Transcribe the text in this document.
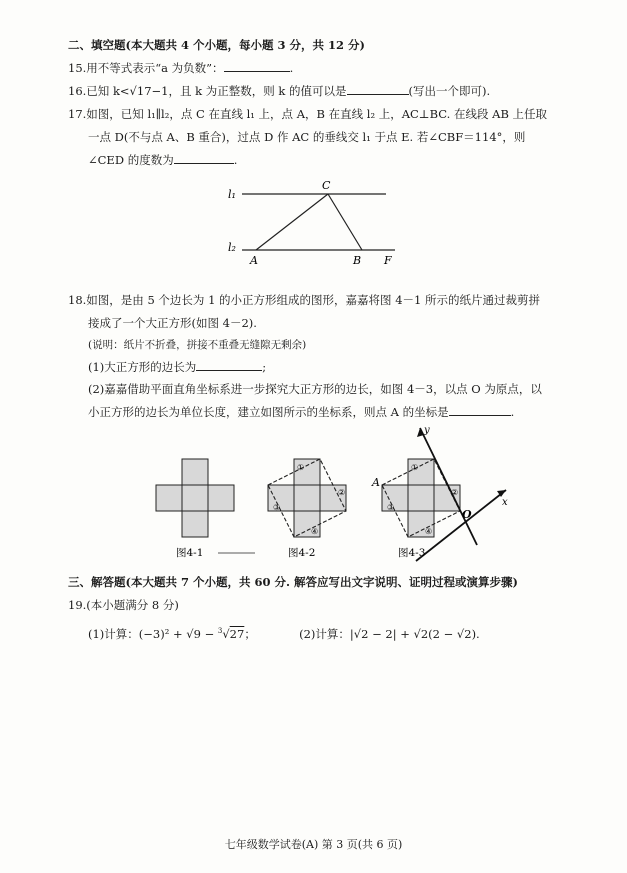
二、填空题(本大题共 4 个小题，每小题 3 分，共 12 分)
15.用不等式表示“a 为负数”：	.
16.已知 k<√17−1，且 k 为正整数，则 k 的值可以是	(写出一个即可).
17.如图，已知 l₁∥l₂，点 C 在直线 l₁ 上，点 A，B 在直线 l₂ 上，AC⊥BC. 在线段 AB 上任取
一点 D(不与点 A、B 重合)，过点 D 作 AC 的垂线交 l₁ 于点 E. 若∠CBF＝114°，则
∠CED 的度数为	.
l₁
l₂
C
A	B F
18.如图，是由 5 个边长为 1 的小正方形组成的图形，嘉嘉将图 4－1 所示的纸片通过裁剪拼
接成了一个大正方形(如图 4－2).
(说明：纸片不折叠，拼接不重叠无缝隙无剩余)
(1)大正方形的边长为	;
(2)嘉嘉借助平面直角坐标系进一步探究大正方形的边长，如图 4－3，以点 O 为原点，以
小正方形的边长为单位长度，建立如图所示的坐标系，则点 A 的坐标是	.
y
x
A
O
①
②
③
④
①
②
③
④
图4-1	图4-2	图4-3
三、解答题(本大题共 7 个小题，共 60 分. 解答应写出文字说明、证明过程或演算步骤)
19.(本小题满分 8 分)
(1)计算：(−3)² + √9 − $^3$√27；	(2)计算：|√2 − 2| + √2(2 − √2).
七年级数学试卷(A) 第 3 页(共 6 页)
